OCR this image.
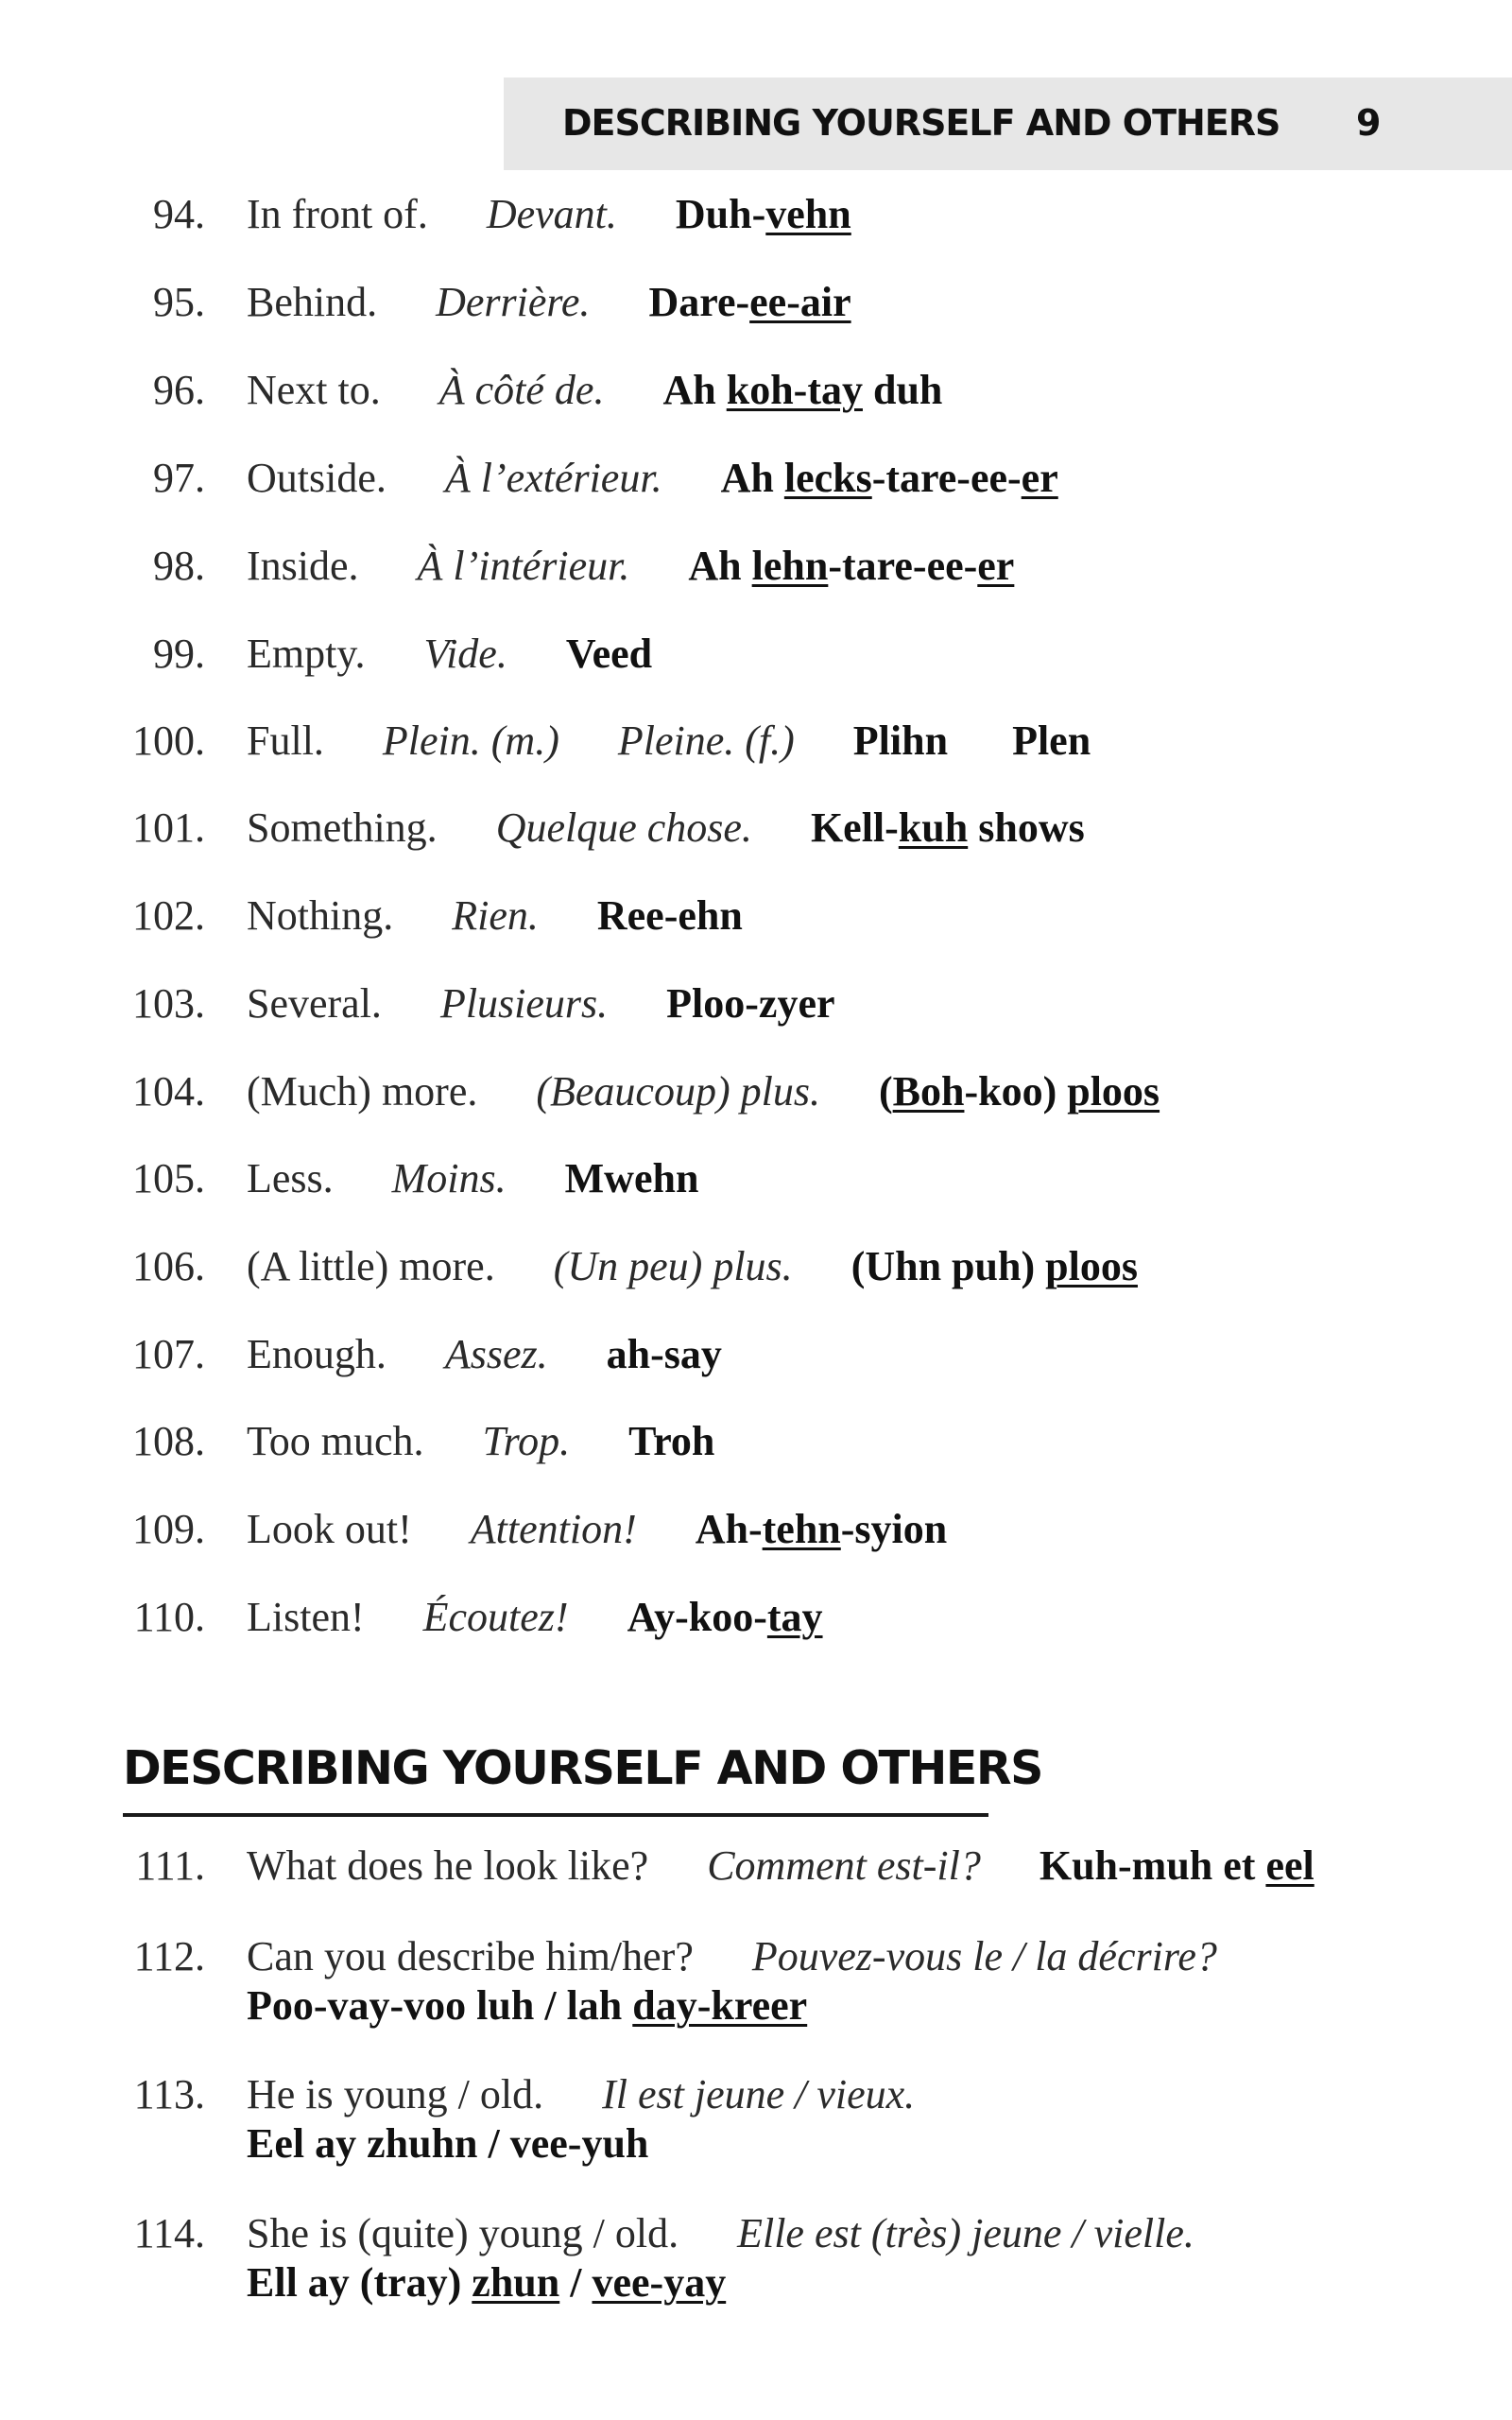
DESCRIBING YOURSELF AND OTHERS 9
94. In front of. Devant. Duh-vehn
95. Behind. Derrière. Dare-ee-air
96. Next to. À côté de. Ah koh-tay duh
97. Outside. À l’extérieur. Ah lecks-tare-ee-er
98. Inside. À l’intérieur. Ah lehn-tare-ee-er
99. Empty. Vide. Veed
100. Full. Plein. (m.) Pleine. (f.) Plihn Plen
101. Something. Quelque chose. Kell-kuh shows
102. Nothing. Rien. Ree-ehn
103. Several. Plusieurs. Ploo-zyer
104. (Much) more. (Beaucoup) plus. (Boh-koo) ploos
105. Less. Moins. Mwehn
106. (A little) more. (Un peu) plus. (Uhn puh) ploos
107. Enough. Assez. ah-say
108. Too much. Trop. Troh
109. Look out! Attention! Ah-tehn-syion
110. Listen! Écoutez! Ay-koo-tay
111. What does he look like? Comment est-il? Kuh-muh et eel
112. Can you describe him/her? Pouvez-vous le / la décrire?
Poo-vay-voo luh / lah day-kreer
113. He is young / old. Il est jeune / vieux.
Eel ay zhuhn / vee-yuh
114. She is (quite) young / old. Elle est (très) jeune / vielle.
Ell ay (tray) zhun / vee-yay
DESCRIBING YOURSELF AND OTHERS
